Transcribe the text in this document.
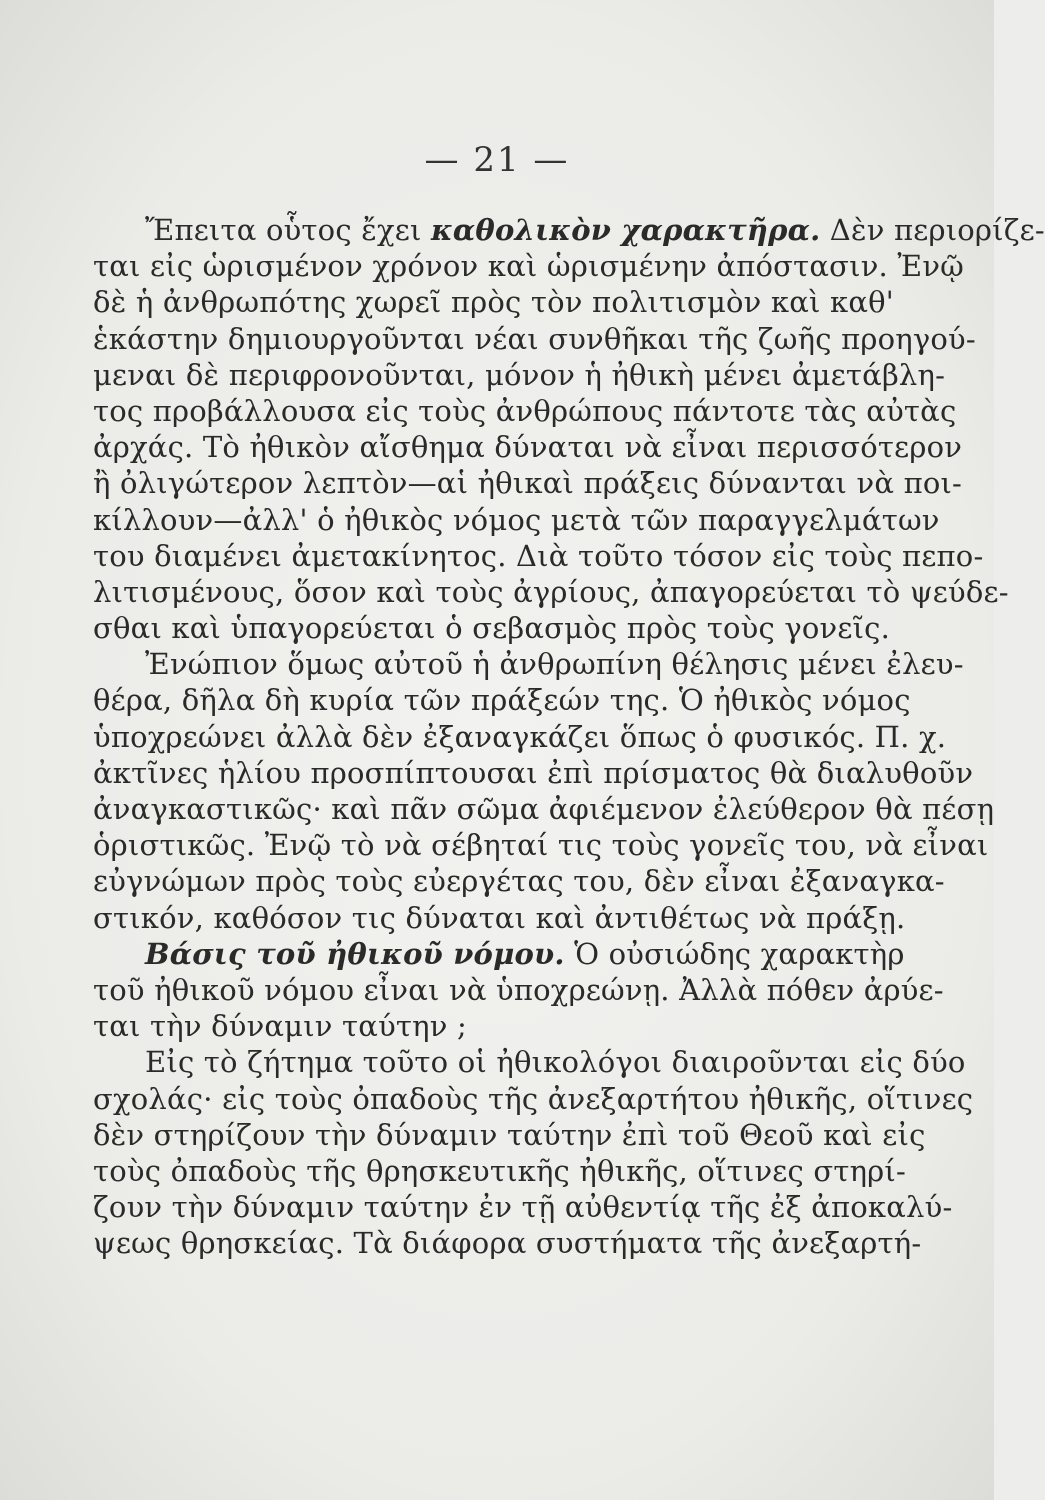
— 21 —
Ἔπειτα οὗτος ἔχει καθολικὸν χαρακτῆρα. Δὲν περιορίζε-
ται εἰς ὡρισμένον χρόνον καὶ ὡρισμένην ἀπόστασιν. Ἐνῷ
δὲ ἡ ἀνθρωπότης χωρεῖ πρὸς τὸν πολιτισμὸν καὶ καθ'
ἑκάστην δημιουργοῦνται νέαι συνθῆκαι τῆς ζωῆς προηγού-
μεναι δὲ περιφρονοῦνται, μόνον ἡ ἠθικὴ μένει ἀμετάβλη-
τος προβάλλουσα εἰς τοὺς ἀνθρώπους πάντοτε τὰς αὐτὰς
ἀρχάς. Τὸ ἠθικὸν αἴσθημα δύναται νὰ εἶναι περισσότερον
ἢ ὀλιγώτερον λεπτὸν—αἱ ἠθικαὶ πράξεις δύνανται νὰ ποι-
κίλλουν—ἀλλ' ὁ ἠθικὸς νόμος μετὰ τῶν παραγγελμάτων
του διαμένει ἀμετακίνητος. Διὰ τοῦτο τόσον εἰς τοὺς πεπο-
λιτισμένους, ὅσον καὶ τοὺς ἀγρίους, ἀπαγορεύεται τὸ ψεύδε-
σθαι καὶ ὑπαγορεύεται ὁ σεβασμὸς πρὸς τοὺς γονεῖς.
Ἐνώπιον ὅμως αὐτοῦ ἡ ἀνθρωπίνη θέλησις μένει ἐλευ-
θέρα, δῆλα δὴ κυρία τῶν πράξεών της. Ὁ ἠθικὸς νόμος
ὑποχρεώνει ἀλλὰ δὲν ἐξαναγκάζει ὅπως ὁ φυσικός. Π. χ.
ἀκτῖνες ἡλίου προσπίπτουσαι ἐπὶ πρίσματος θὰ διαλυθοῦν
ἀναγκαστικῶς· καὶ πᾶν σῶμα ἀφιέμενον ἐλεύθερον θὰ πέσῃ
ὁριστικῶς. Ἐνῷ τὸ νὰ σέβηταί τις τοὺς γονεῖς του, νὰ εἶναι
εὐγνώμων πρὸς τοὺς εὐεργέτας του, δὲν εἶναι ἐξαναγκα-
στικόν, καθόσον τις δύναται καὶ ἀντιθέτως νὰ πράξῃ.
Βάσις τοῦ ἠθικοῦ νόμου. Ὁ οὐσιώδης χαρακτὴρ
τοῦ ἠθικοῦ νόμου εἶναι νὰ ὑποχρεώνῃ. Ἀλλὰ πόθεν ἀρύε-
ται τὴν δύναμιν ταύτην ;
Εἰς τὸ ζήτημα τοῦτο οἱ ἠθικολόγοι διαιροῦνται εἰς δύο
σχολάς· εἰς τοὺς ὀπαδοὺς τῆς ἀνεξαρτήτου ἠθικῆς, οἵτινες
δὲν στηρίζουν τὴν δύναμιν ταύτην ἐπὶ τοῦ Θεοῦ καὶ εἰς
τοὺς ὀπαδοὺς τῆς θρησκευτικῆς ἠθικῆς, οἵτινες στηρί-
ζουν τὴν δύναμιν ταύτην ἐν τῇ αὐθεντίᾳ τῆς ἐξ ἀποκαλύ-
ψεως θρησκείας. Τὰ διάφορα συστήματα τῆς ἀνεξαρτή-
